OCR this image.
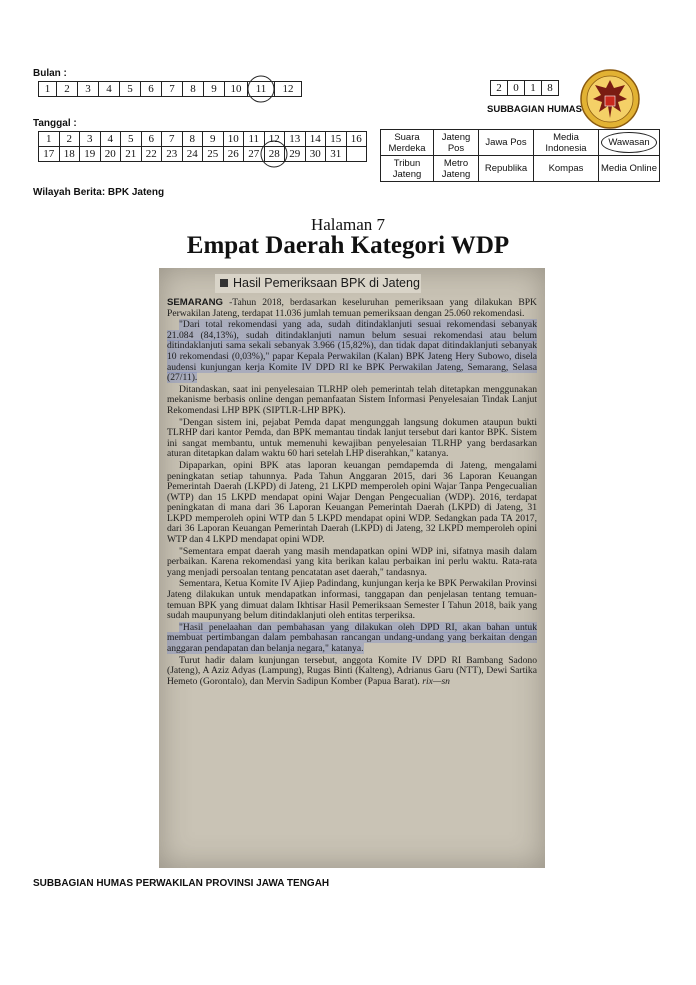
Bulan :
1	2	3	4	5	6	7	8	9	10	11	12	2	0	1	8
SUBBAGIAN HUMAS
Tanggal :
1	2	3	4	5	6	7	8	9	10	11	12	13	14	15	16
17	18	19	20	21	22	23	24	25	26	27	28	29	30	31	
Suara Merdeka	Jateng Pos	Jawa Pos	Media Indonesia	Wawasan
Tribun Jateng	Metro Jateng	Republika	Kompas	Media Online
Wilayah Berita: BPK Jateng
Halaman 7
Empat Daerah Kategori WDP
Hasil Pemeriksaan BPK di Jateng

SEMARANG -Tahun 2018, berdasarkan keseluruhan pemeriksaan yang dilakukan BPK Perwakilan Jateng, terdapat 11.036 jumlah temuan pemeriksaan dengan 25.060 rekomendasi.

"Dari total rekomendasi yang ada, sudah ditindaklanjuti sesuai rekomendasi sebanyak 21.084 (84,13%), sudah ditindaklanjuti namun belum sesuai rekomendasi atau belum ditindaklanjuti sama sekali sebanyak 3.966 (15,82%), dan tidak dapat ditindaklanjuti sebanyak 10 rekomendasi (0,03%)," papar Kepala Perwakilan (Kalan) BPK Jateng Hery Subowo, disela audensi kunjungan kerja Komite IV DPD RI ke BPK Perwakilan Jateng, Semarang, Selasa (27/11).

Ditandaskan, saat ini penyelesaian TLRHP oleh pemerintah telah ditetapkan menggunakan mekanisme berbasis online dengan pemanfaatan Sistem Informasi Penyelesaian Tindak Lanjut Rekomendasi LHP BPK (SIPTLR-LHP BPK).

"Dengan sistem ini, pejabat Pemda dapat mengunggah langsung dokumen ataupun bukti TLRHP dari kantor Pemda, dan BPK memantau tindak lanjut tersebut dari kantor BPK. Sistem ini sangat membantu, untuk memenuhi kewajiban penyelesaian TLRHP yang berdasarkan aturan ditetapkan dalam waktu 60 hari setelah LHP diserahkan," katanya.

Dipaparkan, opini BPK atas laporan keuangan pemdapemda di Jateng, mengalami peningkatan setiap tahunnya. Pada Tahun Anggaran 2015, dari 36 Laporan Keuangan Pemerintah Daerah (LKPD) di Jateng, 21 LKPD memperoleh opini Wajar Tanpa Pengecualian (WTP) dan 15 LKPD mendapat opini Wajar Dengan Pengecualian (WDP). 2016, terdapat peningkatan di mana dari 36 Laporan Keuangan Pemerintah Daerah (LKPD) di Jateng, 31 LKPD memperoleh opini WTP dan 5 LKPD mendapat opini WDP. Sedangkan pada TA 2017, dari 36 Laporan Keuangan Pemerintah Daerah (LKPD) di Jateng, 32 LKPD memperoleh opini WTP dan 4 LKPD mendapat opini WDP.

"Sementara empat daerah yang masih mendapatkan opini WDP ini, sifatnya masih dalam perbaikan. Karena rekomendasi yang kita berikan kalau perbaikan ini perlu waktu. Rata-rata yang menjadi persoalan tentang pencatatan aset daerah," tandasnya.

Sementara, Ketua Komite IV Ajiep Padindang, kunjungan kerja ke BPK Perwakilan Provinsi Jateng dilakukan untuk mendapatkan informasi, tanggapan dan penjelasan tentang temuan-temuan BPK yang dimuat dalam Ikhtisar Hasil Pemeriksaan Semester I Tahun 2018, baik yang sudah maupunyang belum ditindaklanjuti oleh entitas terperiksa.

"Hasil penelaahan dan pembahasan yang dilakukan oleh DPD RI, akan bahan untuk membuat pertimbangan dalam pembahasan rancangan undang-undang yang berkaitan dengan anggaran pendapatan dan belanja negara," katanya.

Turut hadir dalam kunjungan tersebut, anggota Komite IV DPD RI Bambang Sadono (Jateng), A Aziz Adyas (Lampung), Rugas Binti (Kalteng), Adrianus Garu (NTT), Dewi Sartika Hemeto (Gorontalo), dan Mervin Sadipun Komber (Papua Barat). rix—sn

SUBBAGIAN HUMAS PERWAKILAN PROVINSI JAWA TENGAH
